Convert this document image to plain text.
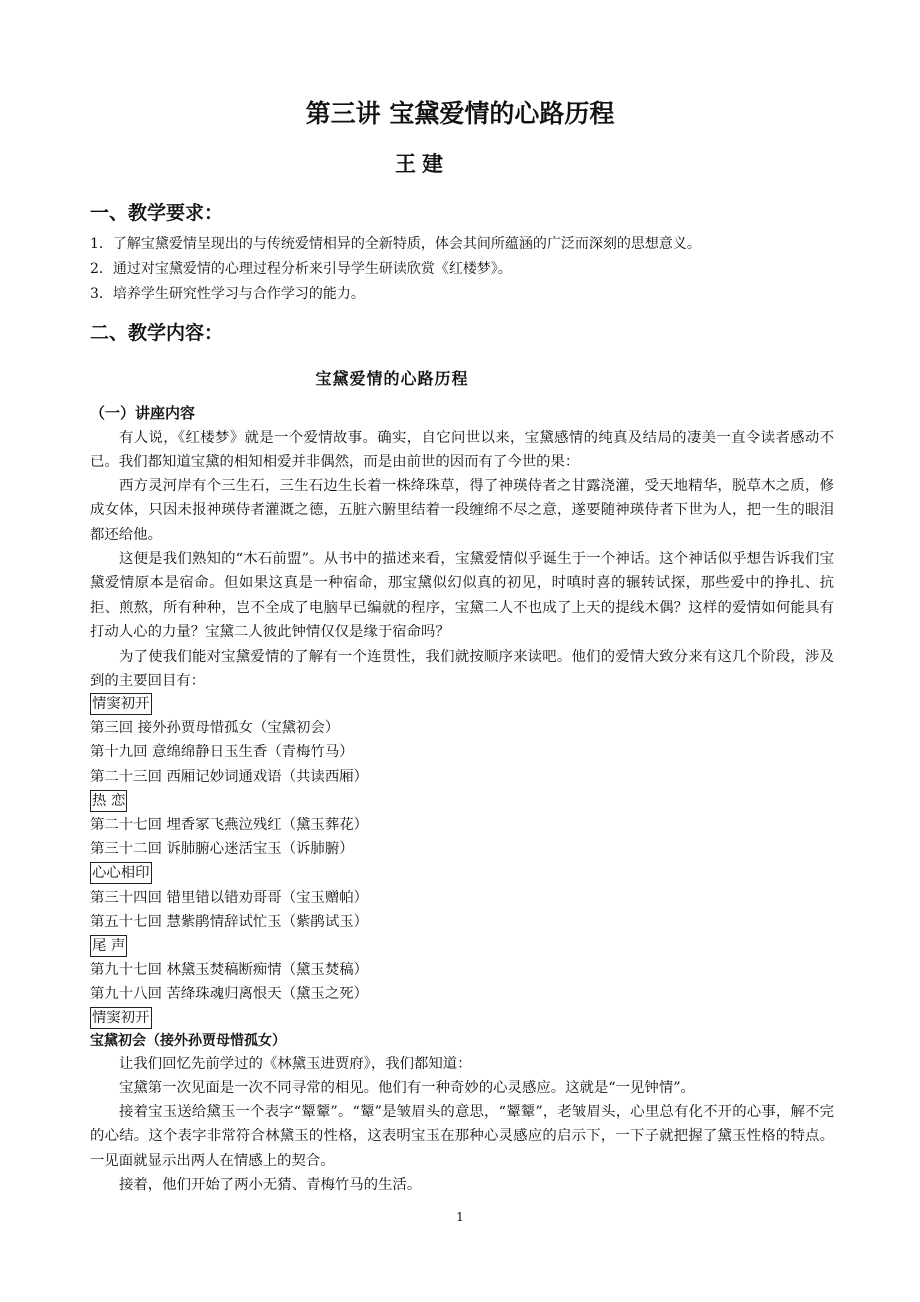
第三讲 宝黛爱情的心路历程
王建
一、教学要求：
1．了解宝黛爱情呈现出的与传统爱情相异的全新特质，体会其间所蕴涵的广泛而深刻的思想意义。
2．通过对宝黛爱情的心理过程分析来引导学生研读欣赏《红楼梦》。
3．培养学生研究性学习与合作学习的能力。
二、教学内容：
宝黛爱情的心路历程
（一）讲座内容
有人说，《红楼梦》就是一个爱情故事。确实，自它问世以来，宝黛感情的纯真及结局的凄美一直令读者感动不已。我们都知道宝黛的相知相爱并非偶然，而是由前世的因而有了今世的果：
西方灵河岸有个三生石，三生石边生长着一株绛珠草，得了神瑛侍者之甘露浇灌，受天地精华，脱草木之质，修成女体，只因未报神瑛侍者灌溉之德，五脏六腑里结着一段缠绵不尽之意，遂要随神瑛侍者下世为人，把一生的眼泪都还给他。
这便是我们熟知的“木石前盟”。从书中的描述来看，宝黛爱情似乎诞生于一个神话。这个神话似乎想告诉我们宝黛爱情原本是宿命。但如果这真是一种宿命，那宝黛似幻似真的初见，时嗔时喜的辗转试探，那些爱中的挣扎、抗拒、煎熬，所有种种，岂不全成了电脑早已编就的程序，宝黛二人不也成了上天的提线木偶？这样的爱情如何能具有打动人心的力量？宝黛二人彼此钟情仅仅是缘于宿命吗？
为了使我们能对宝黛爱情的了解有一个连贯性，我们就按顺序来读吧。他们的爱情大致分来有这几个阶段，涉及到的主要回目有：
情窦初开
第三回 接外孙贾母惜孤女（宝黛初会）
第十九回 意绵绵静日玉生香（青梅竹马）
第二十三回 西厢记妙词通戏语（共读西厢）
热 恋
第二十七回 埋香冢飞燕泣残红（黛玉葬花）
第三十二回 诉肺腑心迷活宝玉（诉肺腑）
心心相印
第三十四回 错里错以错劝哥哥（宝玉赠帕）
第五十七回 慧紫鹃情辞试忙玉（紫鹃试玉）
尾 声
第九十七回 林黛玉焚稿断痴情（黛玉焚稿）
第九十八回 苦绛珠魂归离恨天（黛玉之死）
情窦初开
宝黛初会（接外孙贾母惜孤女）
让我们回忆先前学过的《林黛玉进贾府》，我们都知道：
宝黛第一次见面是一次不同寻常的相见。他们有一种奇妙的心灵感应。这就是“一见钟情”。
接着宝玉送给黛玉一个表字“颦颦”。“颦”是皱眉头的意思，“颦颦”，老皱眉头，心里总有化不开的心事，解不完的心结。这个表字非常符合林黛玉的性格，这表明宝玉在那种心灵感应的启示下，一下子就把握了黛玉性格的特点。一见面就显示出两人在情感上的契合。
接着，他们开始了两小无猜、青梅竹马的生活。
1
